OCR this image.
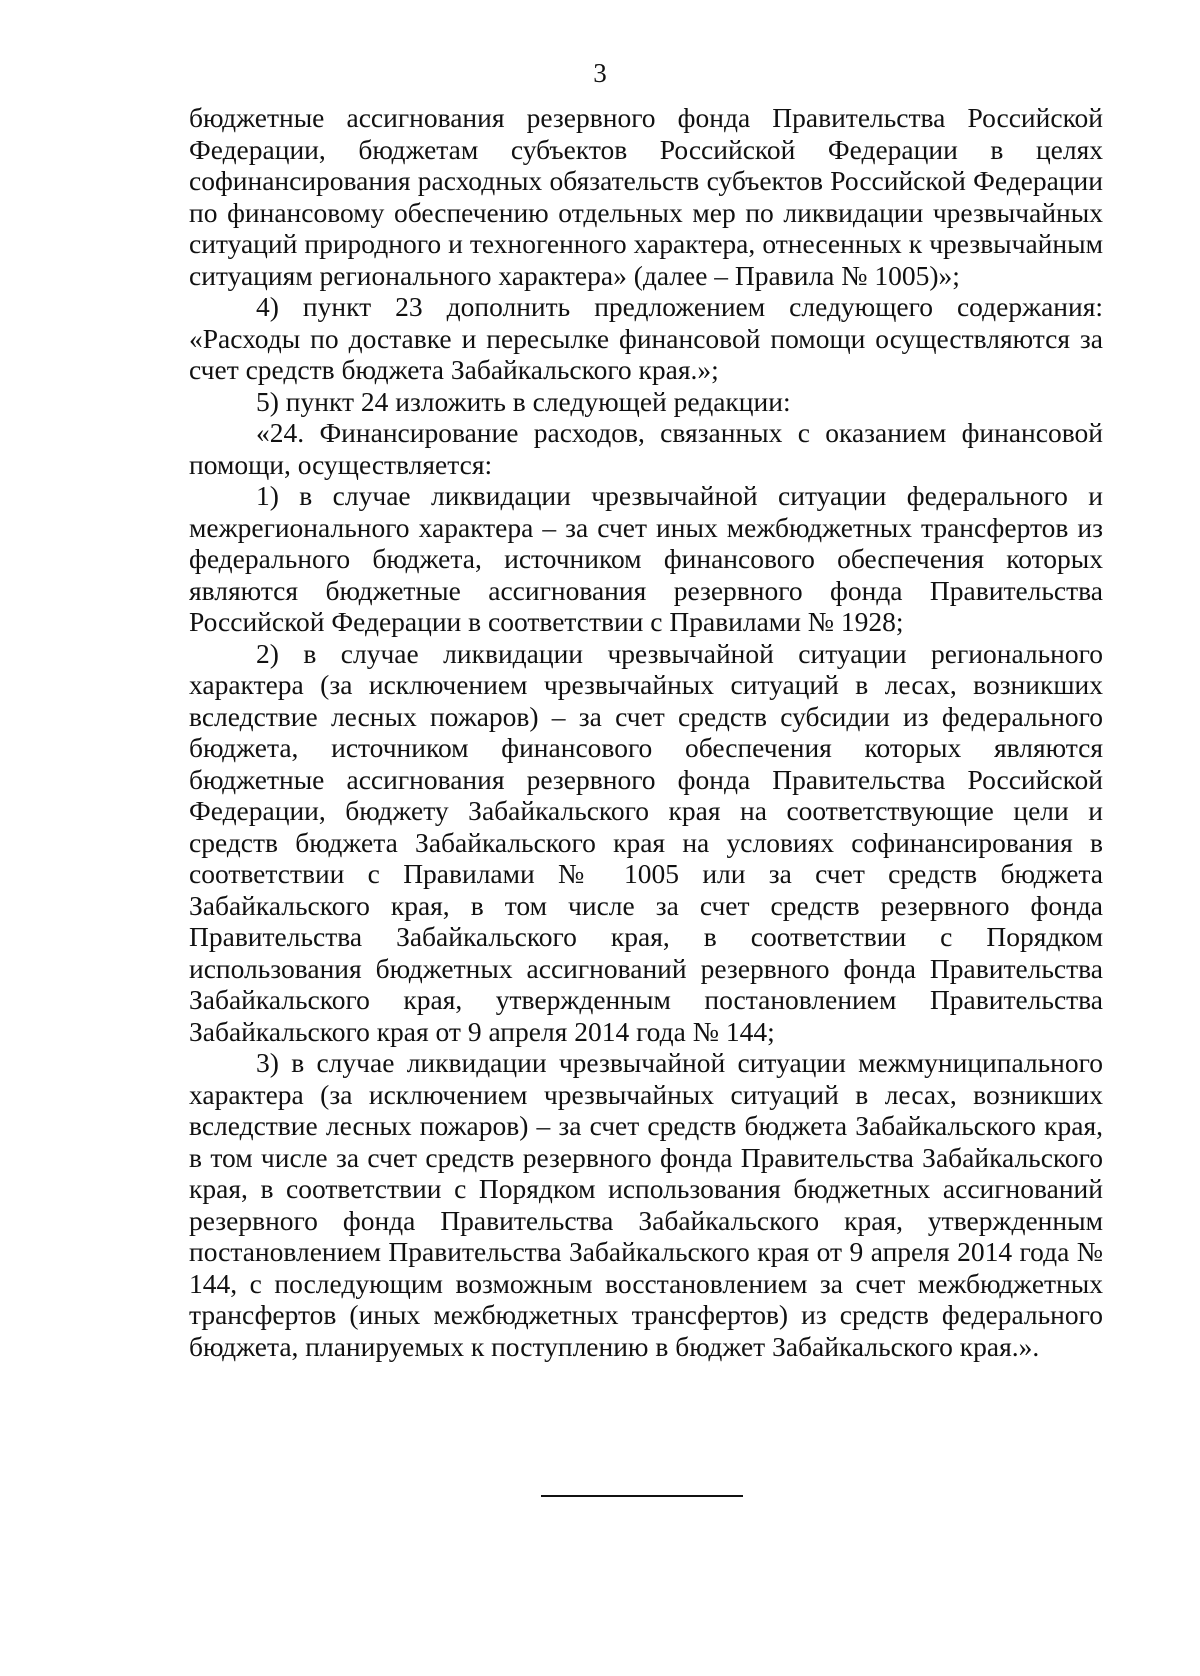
3

бюджетные ассигнования резервного фонда Правительства Российской Федерации, бюджетам субъектов Российской Федерации в целях софинансирования расходных обязательств субъектов Российской Федерации по финансовому обеспечению отдельных мер по ликвидации чрезвычайных ситуаций природного и техногенного характера, отнесенных к чрезвычайным ситуациям регионального характера» (далее – Правила № 1005)»;

4) пункт 23 дополнить предложением следующего содержания: «Расходы по доставке и пересылке финансовой помощи осуществляются за счет средств бюджета Забайкальского края.»;

5) пункт 24 изложить в следующей редакции:

«24. Финансирование расходов, связанных с оказанием финансовой помощи, осуществляется:

1) в случае ликвидации чрезвычайной ситуации федерального и межрегионального характера – за счет иных межбюджетных трансфертов из федерального бюджета, источником финансового обеспечения которых являются бюджетные ассигнования резервного фонда Правительства Российской Федерации в соответствии с Правилами № 1928;

2) в случае ликвидации чрезвычайной ситуации регионального характера (за исключением чрезвычайных ситуаций в лесах, возникших вследствие лесных пожаров) – за счет средств субсидии из федерального бюджета, источником финансового обеспечения которых являются бюджетные ассигнования резервного фонда Правительства Российской Федерации, бюджету Забайкальского края на соответствующие цели и средств бюджета Забайкальского края на условиях софинансирования в соответствии с Правилами № 1005 или за счет средств бюджета Забайкальского края, в том числе за счет средств резервного фонда Правительства Забайкальского края, в соответствии с Порядком использования бюджетных ассигнований резервного фонда Правительства Забайкальского края, утвержденным постановлением Правительства Забайкальского края от 9 апреля 2014 года № 144;

3) в случае ликвидации чрезвычайной ситуации межмуниципального характера (за исключением чрезвычайных ситуаций в лесах, возникших вследствие лесных пожаров) – за счет средств бюджета Забайкальского края, в том числе за счет средств резервного фонда Правительства Забайкальского края, в соответствии с Порядком использования бюджетных ассигнований резервного фонда Правительства Забайкальского края, утвержденным постановлением Правительства Забайкальского края от 9 апреля 2014 года № 144, с последующим возможным восстановлением за счет межбюджетных трансфертов (иных межбюджетных трансфертов) из средств федерального бюджета, планируемых к поступлению в бюджет Забайкальского края.».
